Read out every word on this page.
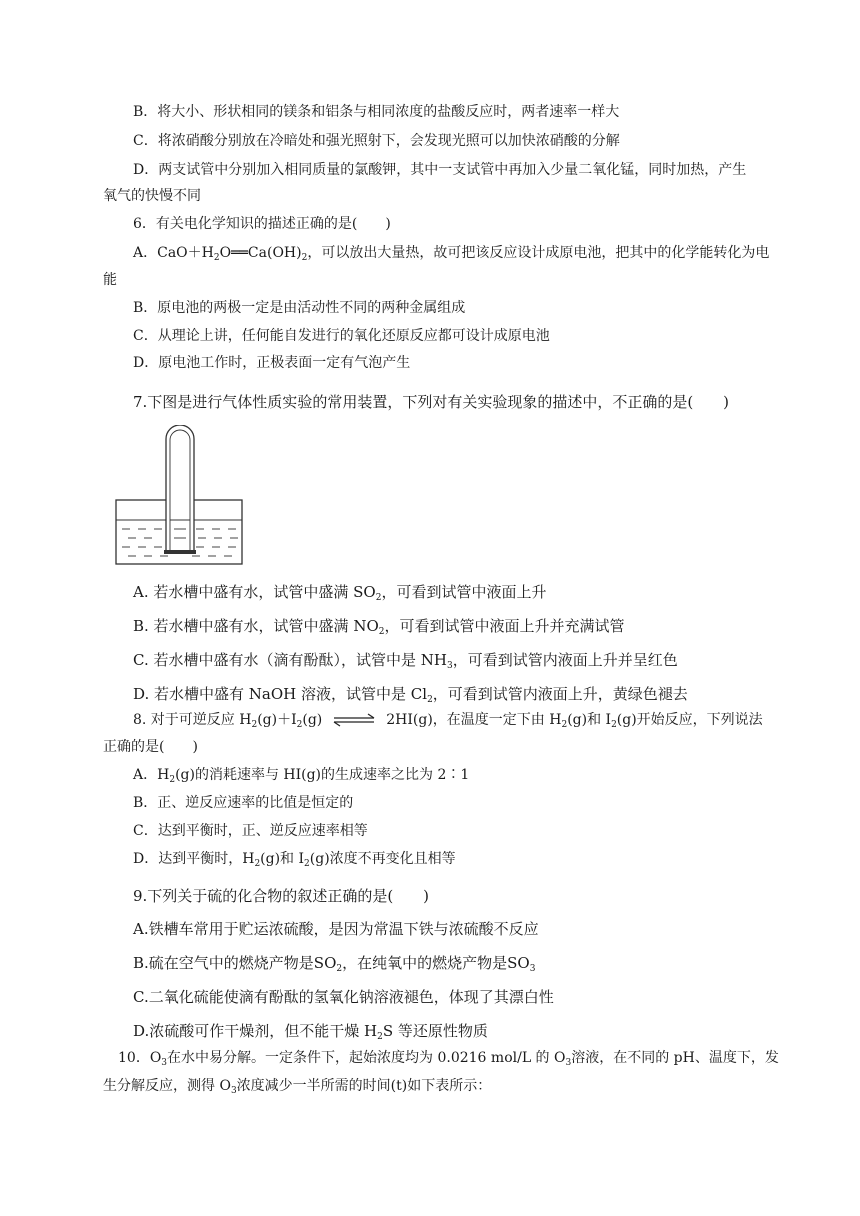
B．将大小、形状相同的镁条和铝条与相同浓度的盐酸反应时，两者速率一样大
C．将浓硝酸分别放在冷暗处和强光照射下，会发现光照可以加快浓硝酸的分解
D．两支试管中分别加入相同质量的氯酸钾，其中一支试管中再加入少量二氧化锰，同时加热，产生
氧气的快慢不同
6．有关电化学知识的描述正确的是(　　)
A．$CaO+H_2O══Ca(OH)_2$，可以放出大量热，故可把该反应设计成原电池，把其中的化学能转化为电
能
B．原电池的两极一定是由活动性不同的两种金属组成
C．从理论上讲，任何能自发进行的氧化还原反应都可设计成原电池
D．原电池工作时，正极表面一定有气泡产生
7.下图是进行气体性质实验的常用装置，下列对有关实验现象的描述中，不正确的是(　　)
A. 若水槽中盛有水，试管中盛满 $SO_2$，可看到试管中液面上升
B. 若水槽中盛有水，试管中盛满 $NO_2$，可看到试管中液面上升并充满试管
C. 若水槽中盛有水（滴有酚酞），试管中是 $NH_3$，可看到试管内液面上升并呈红色
D. 若水槽中盛有 NaOH 溶液，试管中是 $Cl_2$，可看到试管内液面上升，黄绿色褪去
8. 对于可逆反应 $H_2(g)+I_2(g)$ ⇌ 2HI(g)，在温度一定下由 $H_2(g)$和 $I_2(g)$开始反应，下列说法
正确的是(　　)
A．$H_2(g)$的消耗速率与 HI(g)的生成速率之比为 2∶1
B．正、逆反应速率的比值是恒定的
C．达到平衡时，正、逆反应速率相等
D．达到平衡时，$H_2(g)$和 $I_2(g)$浓度不再变化且相等
9.下列关于硫的化合物的叙述正确的是(　　)
A.铁槽车常用于贮运浓硫酸，是因为常温下铁与浓硫酸不反应
B.硫在空气中的燃烧产物是$SO_2$，在纯氧中的燃烧产物是$SO_3$
C.二氧化硫能使滴有酚酞的氢氧化钠溶液褪色，体现了其漂白性
D.浓硫酸可作干燥剂，但不能干燥 $H_2S$ 等还原性物质
10．$O_3$在水中易分解。一定条件下，起始浓度均为 0.0216 mol/L 的 $O_3$溶液，在不同的 pH、温度下，发
生分解反应，测得 $O_3$浓度减少一半所需的时间(t)如下表所示：
